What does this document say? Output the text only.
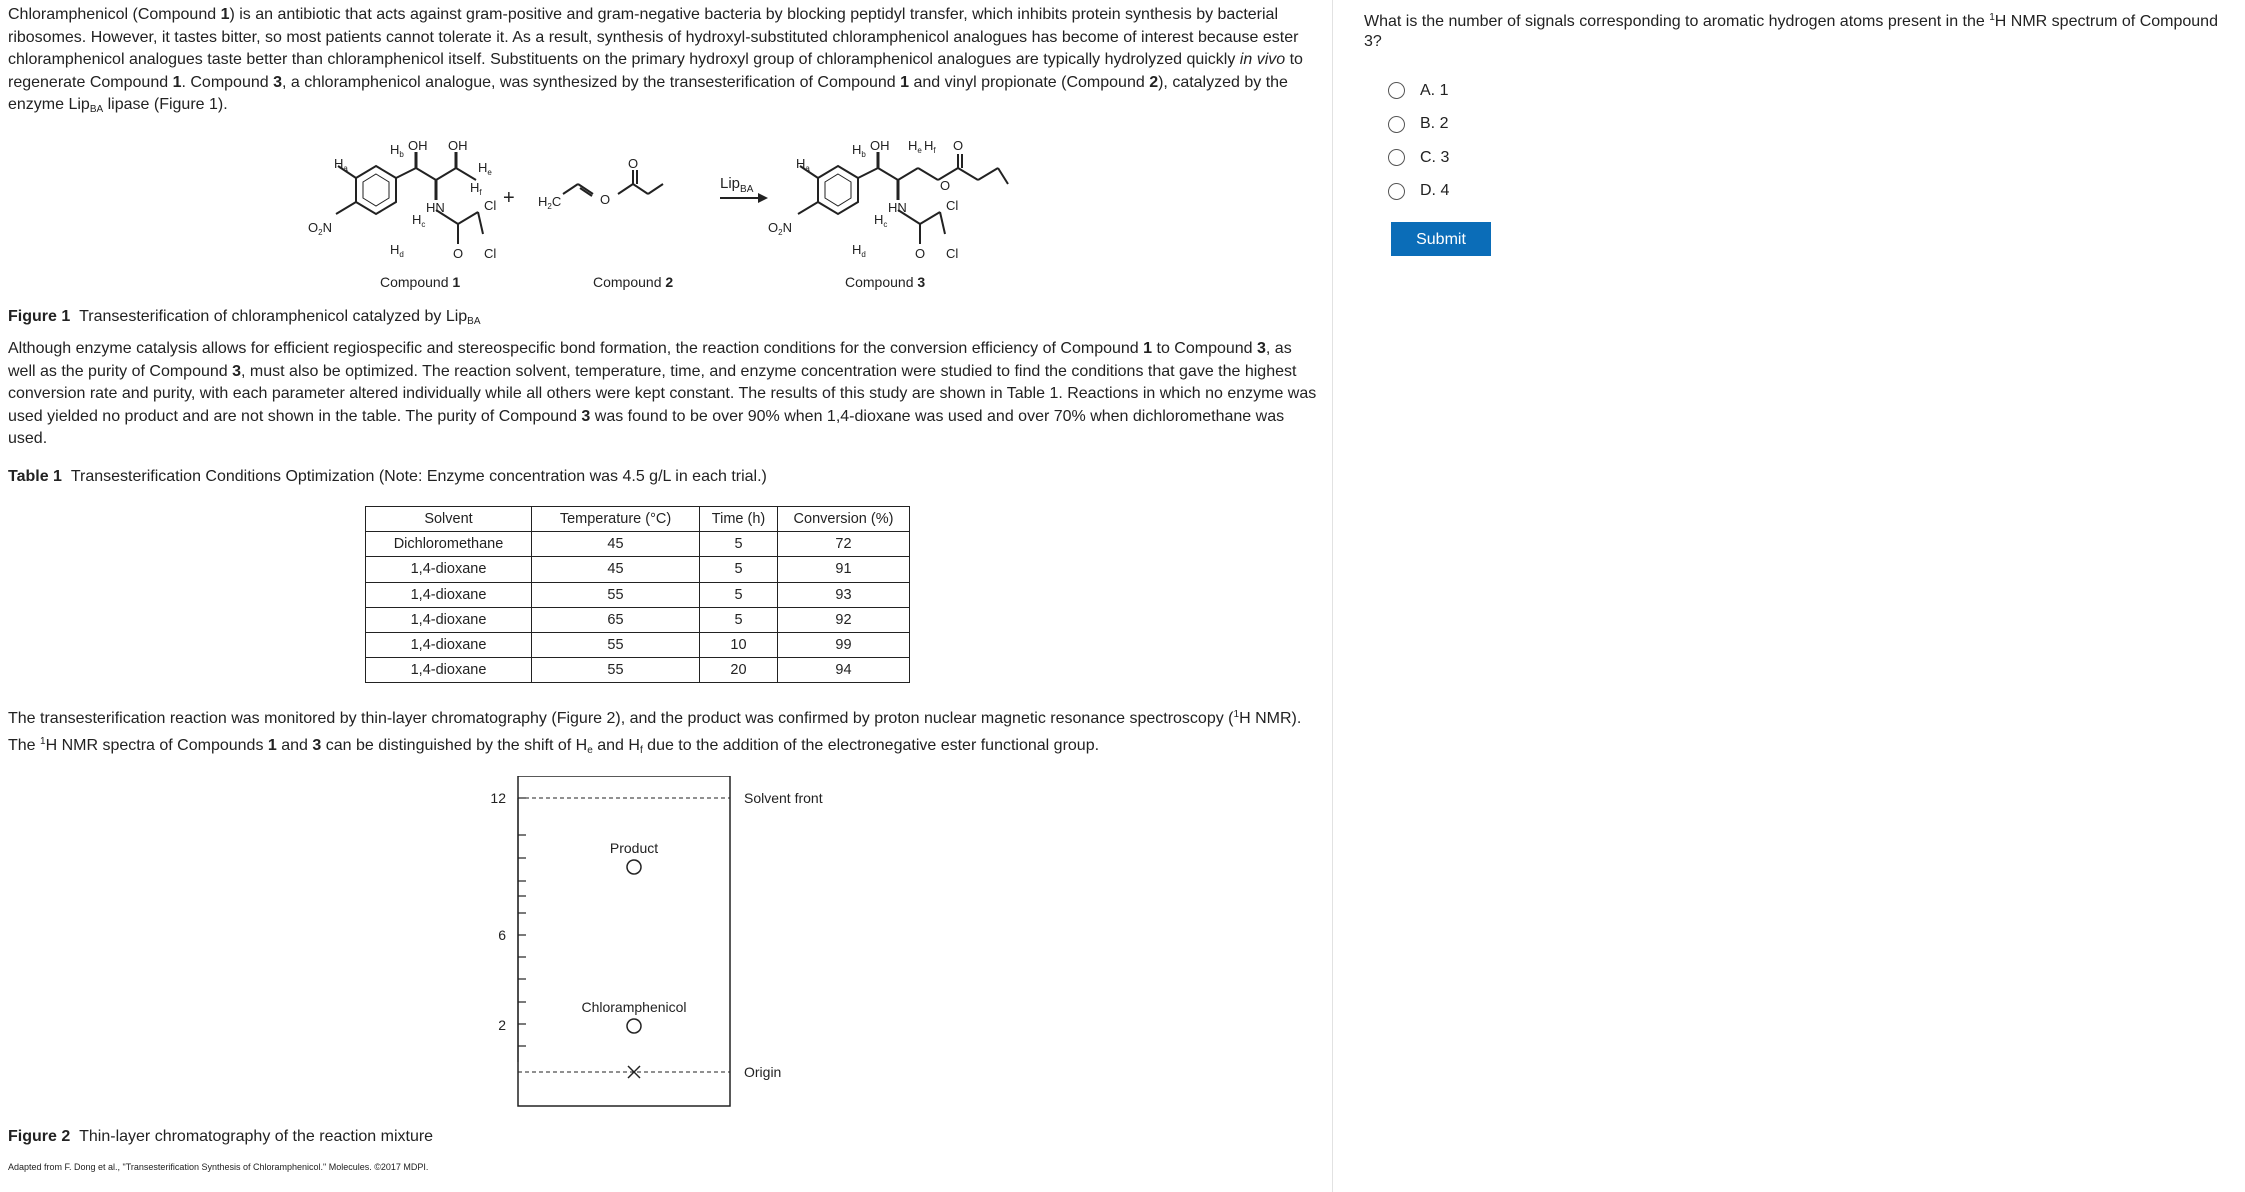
Chloramphenicol (Compound 1) is an antibiotic that acts against gram-positive and gram-negative bacteria by blocking peptidyl transfer, which inhibits protein synthesis by bacterial ribosomes. However, it tastes bitter, so most patients cannot tolerate it. As a result, synthesis of hydroxyl-substituted chloramphenicol analogues has become of interest because ester chloramphenicol analogues taste better than chloramphenicol itself. Substituents on the primary hydroxyl group of chloramphenicol analogues are typically hydrolyzed quickly in vivo to regenerate Compound 1. Compound 3, a chloramphenicol analogue, was synthesized by the transesterification of Compound 1 and vinyl propionate (Compound 2), catalyzed by the enzyme Lip$_{BA}$ lipase (Figure 1).

$H_a$
$H_b$
OH OH
$H_e$
$H_f$
HN
$H_c$
Cl
Cl
O
$O_2N$
$H_d$
$H_2C$	O
O	$H_a$
$H_b$
OH $H_e$ $H_f$ O
O
HN
$H_c$
Cl
Cl
O
$O_2N$
$H_d$
+
Lip$_{BA}$
Compound 1	Compound 2	Compound 3

Figure 1 Transesterification of chloramphenicol catalyzed by Lip$_{BA}$

Although enzyme catalysis allows for efficient regiospecific and stereospecific bond formation, the reaction conditions for the conversion efficiency of Compound 1 to Compound 3, as well as the purity of Compound 3, must also be optimized. The reaction solvent, temperature, time, and enzyme concentration were studied to find the conditions that gave the highest conversion rate and purity, with each parameter altered individually while all others were kept constant. The results of this study are shown in Table 1. Reactions in which no enzyme was used yielded no product and are not shown in the table. The purity of Compound 3 was found to be over 90% when 1,4-dioxane was used and over 70% when dichloromethane was used.

Table 1 Transesterification Conditions Optimization (Note: Enzyme concentration was 4.5 g/L in each trial.)

Solvent	Temperature (°C)	Time (h)	Conversion (%)
Dichloromethane	45	5	72
1,4-dioxane	45	5	91
1,4-dioxane	55	5	93
1,4-dioxane	65	5	92
1,4-dioxane	55	10	99
1,4-dioxane	55	20	94

The transesterification reaction was monitored by thin-layer chromatography (Figure 2), and the product was confirmed by proton nuclear magnetic resonance spectroscopy ($^1$H NMR). The $^1$H NMR spectra of Compounds 1 and 3 can be distinguished by the shift of $H_e$ and $H_f$ due to the addition of the electronegative ester functional group.

12
6
2
Solvent front
Origin
Product
Chloramphenicol

Figure 2 Thin-layer chromatography of the reaction mixture

Adapted from F. Dong et al., "Transesterification Synthesis of Chloramphenicol." Molecules. ©2017 MDPI.

What is the number of signals corresponding to aromatic hydrogen atoms present in the $^1$H NMR spectrum of Compound 3?

A. 1
B. 2
C. 3
D. 4
Submit
